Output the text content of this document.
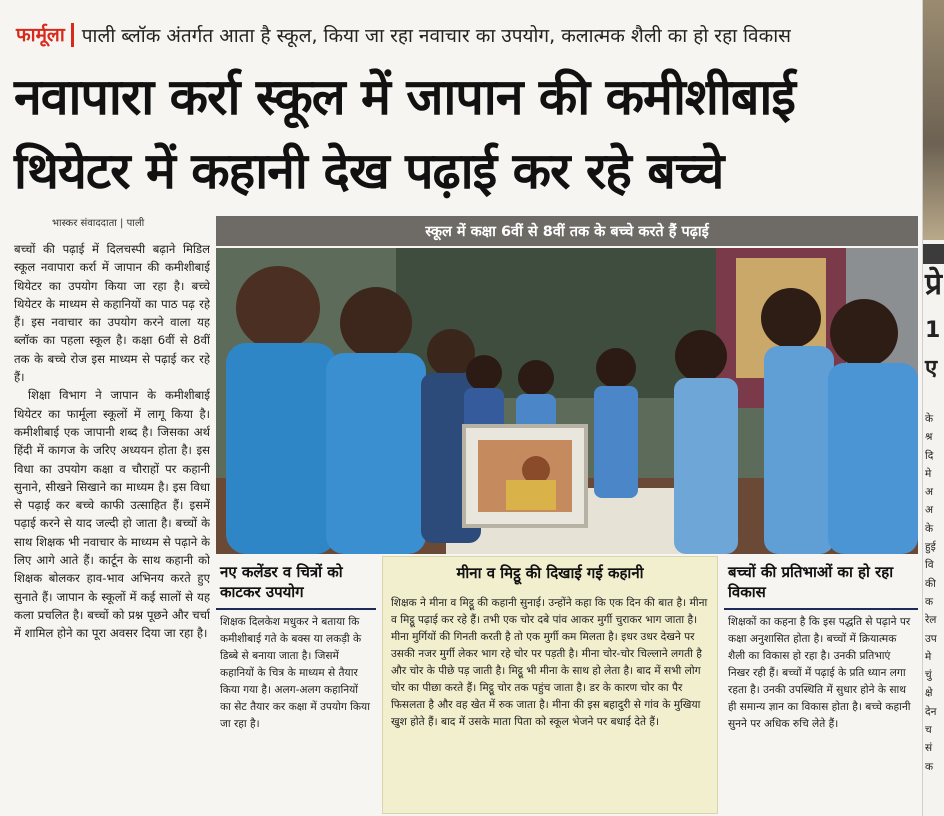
फार्मूला पाली ब्लॉक अंतर्गत आता है स्कूल, किया जा रहा नवाचार का उपयोग, कलात्मक शैली का हो रहा विकास
नवापारा कर्रा स्कूल में जापान की कमीशीबाई
थियेटर में कहानी देख पढ़ाई कर रहे बच्चे
भास्कर संवाददाता | पाली

बच्चों की पढ़ाई में दिलचस्पी बढ़ाने मिडिल स्कूल नवापारा कर्रा में जापान की कमीशीबाई थियेटर का उपयोग किया जा रहा है। बच्चे थियेटर के माध्यम से कहानियों का पाठ पढ़ रहे हैं। इस नवाचार का उपयोग करने वाला यह ब्लॉक का पहला स्कूल है। कक्षा 6वीं से 8वीं तक के बच्चे रोज इस माध्यम से पढ़ाई कर रहे हैं।

शिक्षा विभाग ने जापान के कमीशीबाई थियेटर का फार्मूला स्कूलों में लागू किया है। कमीशीबाई एक जापानी शब्द है। जिसका अर्थ हिंदी में कागज के जरिए अध्ययन होता है। इस विधा का उपयोग कक्षा व चौराहों पर कहानी सुनाने, सीखने सिखाने का माध्यम है। इस विधा से पढ़ाई कर बच्चे काफी उत्साहित हैं। इसमें पढ़ाई करने से याद जल्दी हो जाता है। बच्चों के साथ शिक्षक भी नवाचार के माध्यम से पढ़ाने के लिए आगे आते हैं। कार्टून के साथ कहानी को शिक्षक बोलकर हाव-भाव अभिनय करते हुए सुनाते हैं। जापान के स्कूलों में कई सालों से यह कला प्रचलित है। बच्चों को प्रश्न पूछने और चर्चा में शामिल होने का पूरा अवसर दिया जा रहा है।

स्कूल में कक्षा 6वीं से 8वीं तक के बच्चे करते हैं पढ़ाई
नए कलेंडर व चित्रों को काटकर उपयोग
शिक्षक दिलकेश मधुकर ने बताया कि कमीशीबाई गते के बक्स या लकड़ी के डिब्बे से बनाया जाता है। जिसमें कहानियों के चित्र के माध्यम से तैयार किया गया है। अलग-अलग कहानियों का सेट तैयार कर कक्षा में उपयोग किया जा रहा है।
मीना व मिट्ठू की दिखाई गई कहानी
शिक्षक ने मीना व मिट्ठू की कहानी सुनाई। उन्होंने कहा कि एक दिन की बात है। मीना व मिट्ठू पढ़ाई कर रहे हैं। तभी एक चोर दबे पांव आकर मुर्गी चुराकर भाग जाता है। मीना मुर्गियों की गिनती करती है तो एक मुर्गी कम मिलता है। इधर उधर देखने पर उसकी नजर मुर्गी लेकर भाग रहे चोर पर पड़ती है। मीना चोर-चोर चिल्लाने लगती है और चोर के पीछे पड़ जाती है। मिट्ठू भी मीना के साथ हो लेता है। बाद में सभी लोग चोर का पीछा करते हैं। मिट्ठू चोर तक पहुंच जाता है। डर के कारण चोर का पैर फिसलता है और वह खेत में रुक जाता है। मीना की इस बहादुरी से गांव के मुखिया खुश होते हैं। बाद में उसके माता पिता को स्कूल भेजने पर बधाई देते हैं।
बच्चों की प्रतिभाओं का हो रहा विकास
शिक्षकों का कहना है कि इस पद्धति से पढ़ाने पर कक्षा अनुशासित होता है। बच्चों में क्रियात्मक शैली का विकास हो रहा है। उनकी प्रतिभाएं निखर रही हैं। बच्चों में पढ़ाई के प्रति ध्यान लगा रहता है। उनकी उपस्थिति में सुधार होने के साथ ही समान्य ज्ञान का विकास होता है। बच्चे कहानी सुनने पर अधिक रुचि लेते हैं।
प्रे
1
ए
के
श्र
दि
मे
अ
अ
के
हुई
वि
की
क
रेल
उप
मे
चुं
क्षे
देन
च
सं
क
